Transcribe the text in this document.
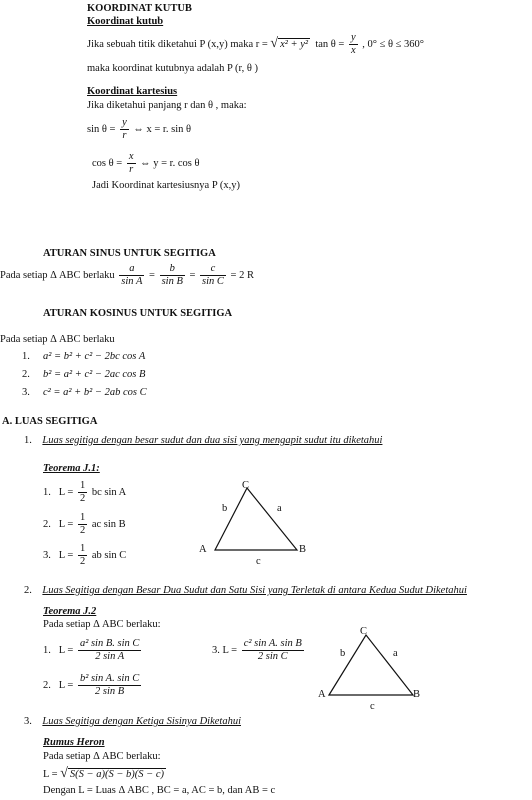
KOORDINAT KUTUB
Koordinat kutub
Jika sebuah titik diketahui P (x,y) maka r = √ x² + y² $\tan \theta = \frac{y}{x}$ , 0° ≤ θ ≤ 360°
maka koordinat kutubnya adalah P (r, θ )
Koordinat kartesius
Jika diketahui panjang r dan θ , maka:
$\sin \theta = \frac{y}{r}$ ⇔ x = r. sin θ
$\cos \theta = \frac{x}{r}$ ⇔ y = r. cos θ
Jadi Koordinat kartesiusnya P (x,y)
ATURAN SINUS UNTUK SEGITIGA
Pada setiap Δ ABC berlaku $\frac{a}{\text{sin A}} = \frac{b}{\text{sin B}} = \frac{c}{\text{sin C}} = 2$ R
ATURAN KOSINUS UNTUK SEGITIGA
Pada setiap Δ ABC berlaku
1. a² = b² + c² − 2bc cos A
2. b² = a² + c² − 2ac cos B
3. c² = a² + b² − 2ab cos C
A. LUAS SEGITIGA
1. Luas segitiga dengan besar sudut dan dua sisi yang mengapit sudut itu diketahui
Teorema J.1:
1. $L = \frac{1}{2}$ bc sin A
2. $L = \frac{1}{2}$ ac sin B
3. $L = \frac{1}{2}$ ab sin C
C
b	a
A	B
c
2. Luas Segitiga dengan Besar Dua Sudut dan Satu Sisi yang Terletak di antara Kedua Sudut Diketahui
Teorema J.2
Pada setiap Δ ABC berlaku:
1. $L = \frac{\text{a² sin B. sin C}}{\text{2 sin A}}$	3. $L = \frac{\text{c² sin A. sin B}}{\text{2 sin C}}$
2. $L = \frac{\text{b² sin A. sin C}}{\text{2 sin B}}$
C
b	a
A	B
c
3. Luas Segitiga dengan Ketiga Sisinya Diketahui
Rumus Heron
Pada setiap Δ ABC berlaku:
L = √ S(S − a)(S − b)(S − c)
Dengan L = Luas Δ ABC , BC = a, AC = b, dan AB = c
